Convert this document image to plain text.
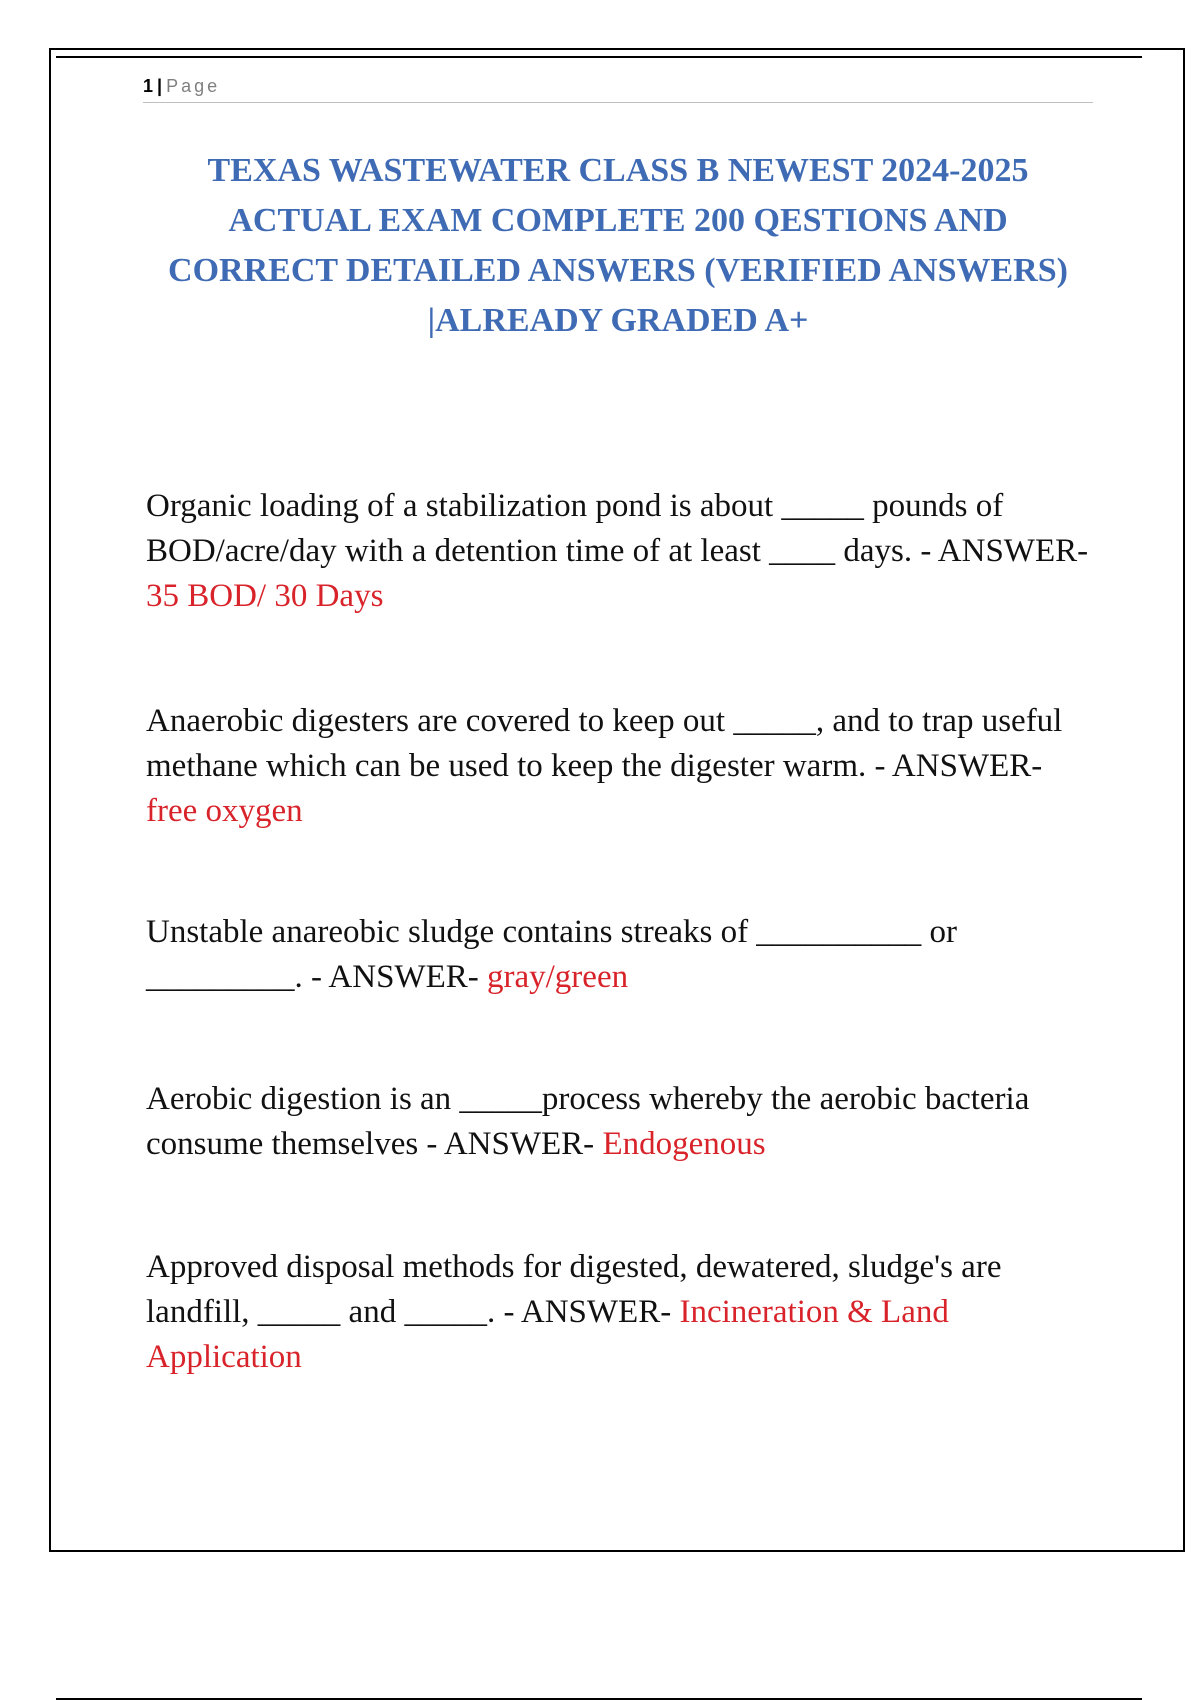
1 | Page
TEXAS WASTEWATER CLASS B NEWEST 2024-2025 ACTUAL EXAM COMPLETE 200 QESTIONS AND CORRECT DETAILED ANSWERS (VERIFIED ANSWERS) |ALREADY GRADED A+

Organic loading of a stabilization pond is about _____ pounds of BOD/acre/day with a detention time of at least ____ days. - ANSWER- 35 BOD/ 30 Days

Anaerobic digesters are covered to keep out _____, and to trap useful methane which can be used to keep the digester warm. - ANSWER- free oxygen

Unstable anareobic sludge contains streaks of __________ or _________. - ANSWER- gray/green

Aerobic digestion is an _____process whereby the aerobic bacteria consume themselves - ANSWER- Endogenous

Approved disposal methods for digested, dewatered, sludge's are landfill, _____ and _____. - ANSWER- Incineration & Land Application
